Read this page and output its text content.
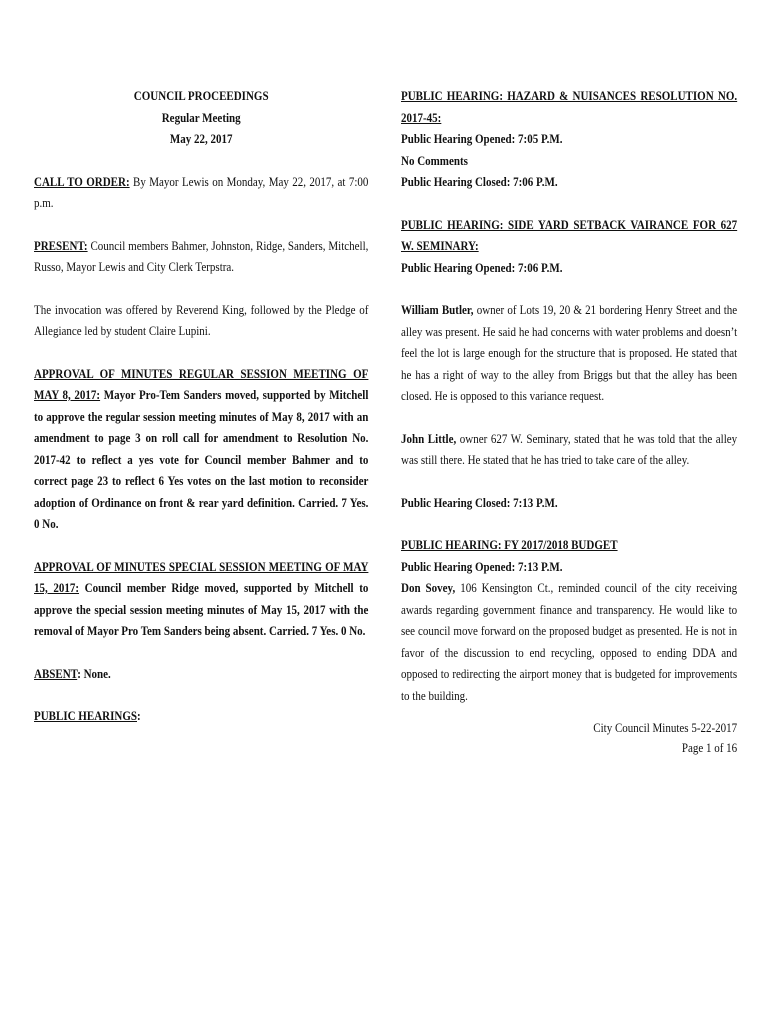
COUNCIL PROCEEDINGS
Regular Meeting
May 22, 2017

CALL TO ORDER: By Mayor Lewis on Monday, May 22, 2017, at 7:00 p.m.

PRESENT: Council members Bahmer, Johnston, Ridge, Sanders, Mitchell, Russo, Mayor Lewis and City Clerk Terpstra.

The invocation was offered by Reverend King, followed by the Pledge of Allegiance led by student Claire Lupini.

APPROVAL OF MINUTES REGULAR SESSION MEETING OF MAY 8, 2017: Mayor Pro-Tem Sanders moved, supported by Mitchell to approve the regular session meeting minutes of May 8, 2017 with an amendment to page 3 on roll call for amendment to Resolution No. 2017-42 to reflect a yes vote for Council member Bahmer and to correct page 23 to reflect 6 Yes votes on the last motion to reconsider adoption of Ordinance on front & rear yard definition. Carried. 7 Yes. 0 No.

APPROVAL OF MINUTES SPECIAL SESSION MEETING OF MAY 15, 2017: Council member Ridge moved, supported by Mitchell to approve the special session meeting minutes of May 15, 2017 with the removal of Mayor Pro Tem Sanders being absent. Carried. 7 Yes. 0 No.

ABSENT: None.

PUBLIC HEARINGS:

PUBLIC HEARING: HAZARD & NUISANCES RESOLUTION NO. 2017-45:

Public Hearing Opened: 7:05 P.M.

No Comments

Public Hearing Closed: 7:06 P.M.

PUBLIC HEARING: SIDE YARD SETBACK VAIRANCE FOR 627 W. SEMINARY:

Public Hearing Opened: 7:06 P.M.

William Butler, owner of Lots 19, 20 & 21 bordering Henry Street and the alley was present. He said he had concerns with water problems and doesn’t feel the lot is large enough for the structure that is proposed. He stated that he has a right of way to the alley from Briggs but that the alley has been closed. He is opposed to this variance request.

John Little, owner 627 W. Seminary, stated that he was told that the alley was still there. He stated that he has tried to take care of the alley.

Public Hearing Closed: 7:13 P.M.

PUBLIC HEARING: FY 2017/2018 BUDGET

Public Hearing Opened: 7:13 P.M.

Don Sovey, 106 Kensington Ct., reminded council of the city receiving awards regarding government finance and transparency. He would like to see council move forward on the proposed budget as presented. He is not in favor of the discussion to end recycling, opposed to ending DDA and opposed to redirecting the airport money that is budgeted for improvements to the building.

City Council Minutes 5-22-2017
Page 1 of 16
